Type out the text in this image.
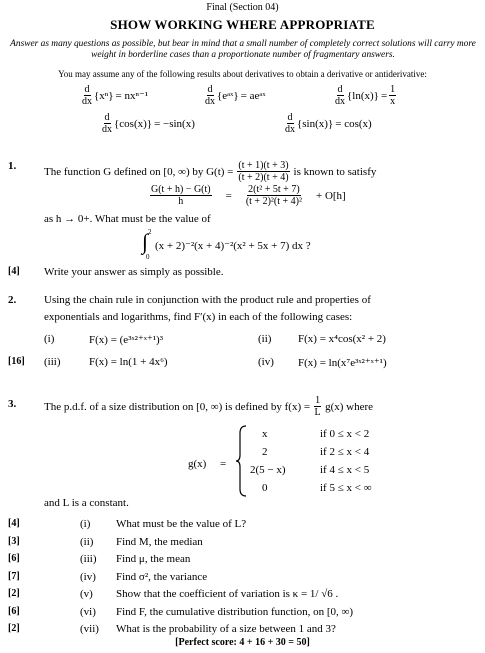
Final (Section 04)
SHOW WORKING WHERE APPROPRIATE
Answer as many questions as possible, but bear in mind that a small number of completely correct solutions will carry more weight in borderline cases than a proportionate number of fragmentary answers.
You may assume any of the following results about derivatives to obtain a derivative or antiderivative:
$\frac{d}{dx} \{x^n\} = nx^{n-1}$	$\frac{d}{dx}$ {eᵃˣ} = aeᵃˣ	$\frac{d}{dx} \{\ln(x)\} = \frac{1}{x}$
$\frac{d}{dx} \{\cos(x)\} = -\sin(x)$	$\frac{d}{dx} \{\sin(x)\} = \cos(x)$
1.	The function G defined on [0, ∞) by $G(t) = \frac{(t + 1)(t + 3)}{(t + 2)(t + 4)}$ is known to satisfy
$\frac{G(t + h) - G(t)}{h} = \frac{\text{2(t² + 5t + 7)}}{\text{(t + 2)²(t + 4)²}} + O[h]$
as h → 0+. What must be the value of
2
∫
0
(x + 2)⁻²(x + 4)⁻²(x² + 5x + 7) dx ?
[4] Write your answer as simply as possible.
2.	Using the chain rule in conjunction with the product rule and properties of
exponentials and logarithms, find F′(x) in each of the following cases:
(i)	F(x) = (e³ˣ²⁺ˣ⁺¹)³	(ii) F(x) = x⁴cos(x² + 2)
[16] (iii)	F(x) = ln(1 + 4x⁶)	(iv) F(x) = ln(x⁷e³ˣ²⁺ˣ⁺¹)
3.	The p.d.f. of a size distribution on [0, ∞) is defined by $f(x) = \frac{1}{L} g(x)$ where
g(x) =
x	if 0 ≤ x < 2
2	if 2 ≤ x < 4
2(5 − x)	if 4 ≤ x < 5
0	if 5 ≤ x < ∞
and L is a constant.
[4]	(i) What must be the value of L?
[3]	(ii) Find M, the median
[6]	(iii) Find μ, the mean
[7]	(iv) Find σ², the variance
[2]	(v) Show that the coefficient of variation is κ = 1/ √6 .
[6]	(vi) Find F, the cumulative distribution function, on [0, ∞)
[2]	(vii) What is the probability of a size between 1 and 3?
[Perfect score: 4 + 16 + 30 = 50]
